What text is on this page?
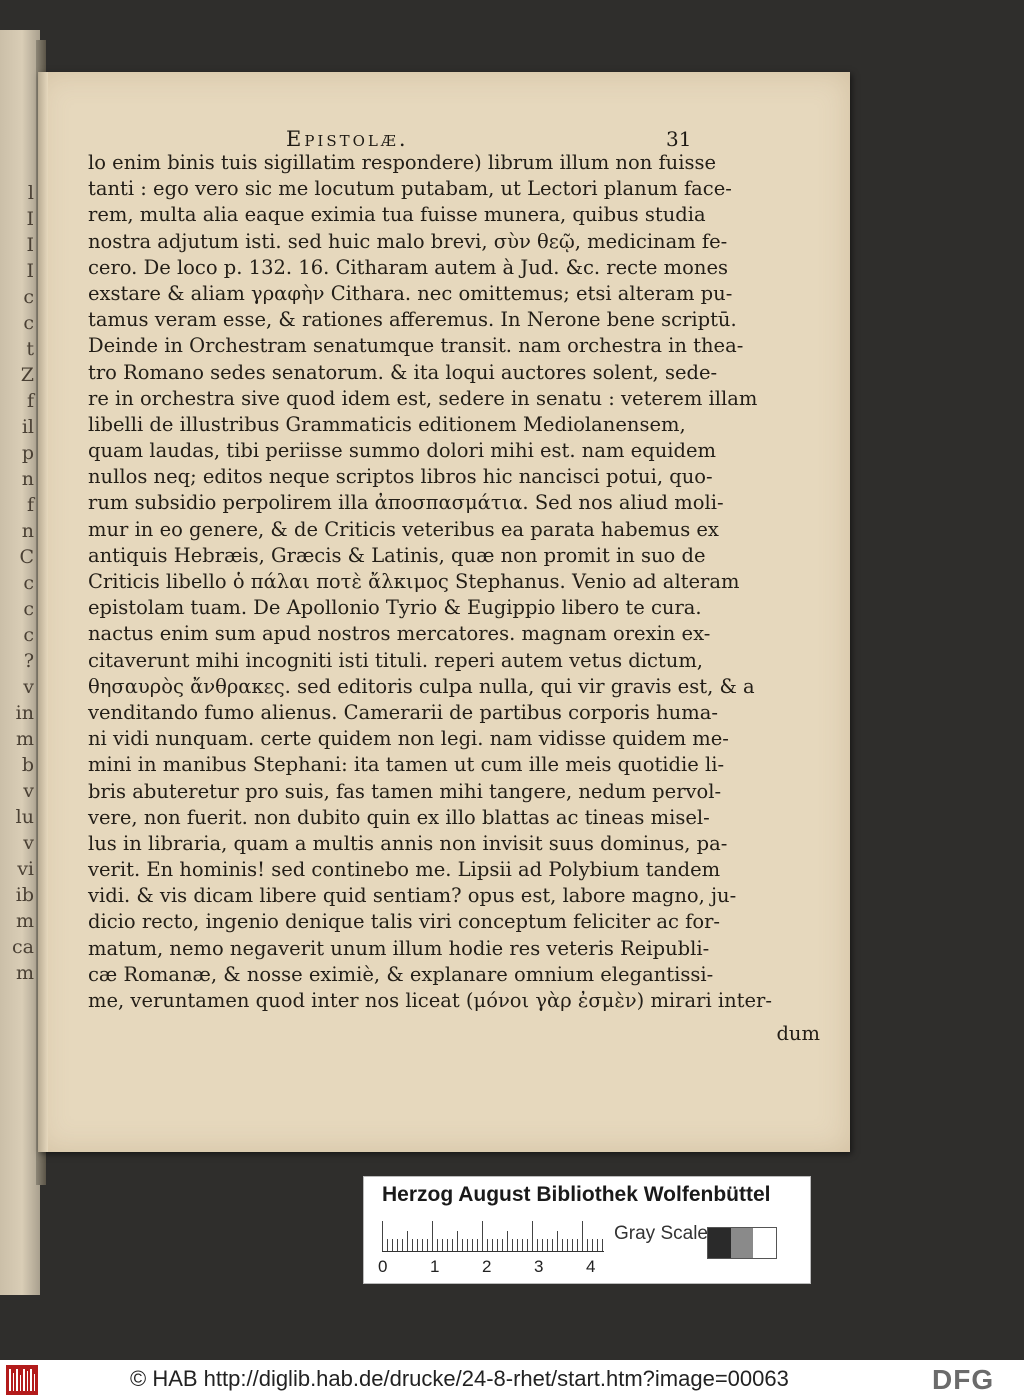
l
I
I
I
c
c
t
Z
f
il
p
n
f
n
C
c
c
c
?
v
in
m
b
v
lu
v
vi
ib
m
ca
m
Epistolæ.	31
lo enim binis tuis sigillatim respondere) librum illum non fuisse
tanti : ego vero sic me locutum putabam, ut Lectori planum face-
rem, multa alia eaque eximia tua fuisse munera, quibus studia
nostra adjutum isti. sed huic malo brevi, σὺν θεῷ, medicinam fe-
cero. De loco p. 132. 16. Citharam autem à Jud. &c. recte mones
exstare & aliam γραφὴν Cithara. nec omittemus; etsi alteram pu-
tamus veram esse, & rationes afferemus. In Nerone bene scriptū.
Deinde in Orchestram senatumque transit. nam orchestra in thea-
tro Romano sedes senatorum. & ita loqui auctores solent, sede-
re in orchestra sive quod idem est, sedere in senatu : veterem illam
libelli de illustribus Grammaticis editionem Mediolanensem,
quam laudas, tibi periisse summo dolori mihi est. nam equidem
nullos neq; editos neque scriptos libros hic nancisci potui, quo-
rum subsidio perpolirem illa ἀποσπασμάτια. Sed nos aliud moli-
mur in eo genere, & de Criticis veteribus ea parata habemus ex
antiquis Hebræis, Græcis & Latinis, quæ non promit in suo de
Criticis libello ὁ πάλαι ποτὲ ἄλκιμος Stephanus. Venio ad alteram
epistolam tuam. De Apollonio Tyrio & Eugippio libero te cura.
nactus enim sum apud nostros mercatores. magnam orexin ex-
citaverunt mihi incogniti isti tituli. reperi autem vetus dictum,
θησαυρὸς ἄνθρακες. sed editoris culpa nulla, qui vir gravis est, & a
venditando fumo alienus. Camerarii de partibus corporis huma-
ni vidi nunquam. certe quidem non legi. nam vidisse quidem me-
mini in manibus Stephani: ita tamen ut cum ille meis quotidie li-
bris abuteretur pro suis, fas tamen mihi tangere, nedum pervol-
vere, non fuerit. non dubito quin ex illo blattas ac tineas misel-
lus in libraria, quam a multis annis non invisit suus dominus, pa-
verit. En hominis! sed continebo me. Lipsii ad Polybium tandem
vidi. & vis dicam libere quid sentiam? opus est, labore magno, ju-
dicio recto, ingenio denique talis viri conceptum feliciter ac for-
matum, nemo negaverit unum illum hodie res veteris Reipubli-
cæ Romanæ, & nosse eximiè, & explanare omnium elegantissi-
me, veruntamen quod inter nos liceat (μόνοι γὰρ ἐσμὲν) mirari inter-
dum
Herzog August Bibliothek Wolfenbüttel
0	1	2	3	4
Gray Scale
© HAB http://diglib.hab.de/drucke/24-8-rhet/start.htm?image=00063	DFG
